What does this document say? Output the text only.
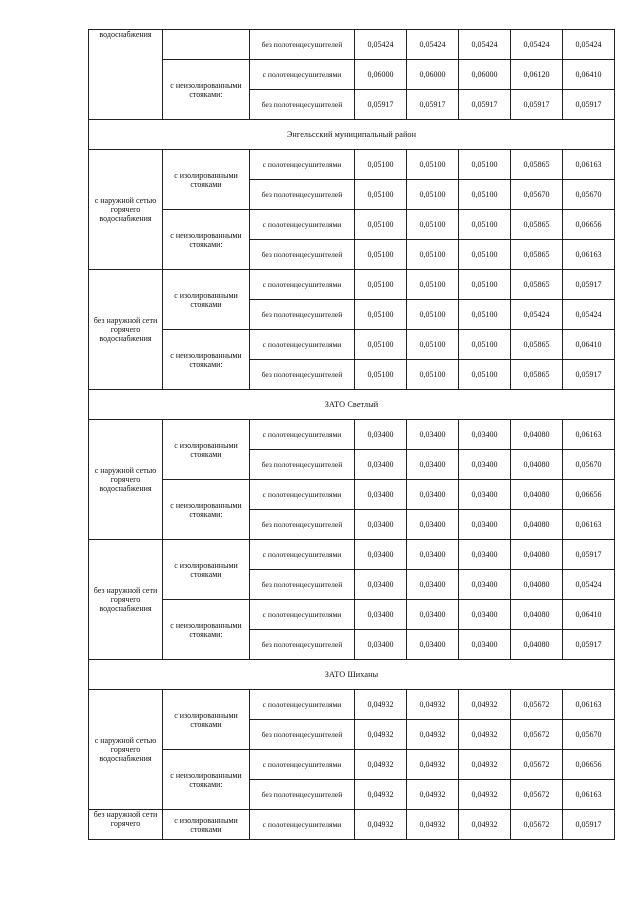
водоснабжения		без полотенцесушителей	0,05424	0,05424	0,05424	0,05424	0,05424
	с неизолированными стояками:	с полотенцесушителями	0,06000	0,06000	0,06000	0,06120	0,06410
		без полотенцесушителей	0,05917	0,05917	0,05917	0,05917	0,05917
Энгельсский муниципальный район							
с наружной сетью горячего водоснабжения	с изолированными стояками	с полотенцесушителями	0,05100	0,05100	0,05100	0,05865	0,06163
		без полотенцесушителей	0,05100	0,05100	0,05100	0,05670	0,05670
	с неизолированными стояками:	с полотенцесушителями	0,05100	0,05100	0,05100	0,05865	0,06656
		без полотенцесушителей	0,05100	0,05100	0,05100	0,05865	0,06163
без наружной сети горячего водоснабжения	с изолированными стояками	с полотенцесушителями	0,05100	0,05100	0,05100	0,05865	0,05917
		без полотенцесушителей	0,05100	0,05100	0,05100	0,05424	0,05424
	с неизолированными стояками:	с полотенцесушителями	0,05100	0,05100	0,05100	0,05865	0,06410
		без полотенцесушителей	0,05100	0,05100	0,05100	0,05865	0,05917
ЗАТО Светлый							
с наружной сетью горячего водоснабжения	с изолированными стояками	с полотенцесушителями	0,03400	0,03400	0,03400	0,04080	0,06163
		без полотенцесушителей	0,03400	0,03400	0,03400	0,04080	0,05670
	с неизолированными стояками:	с полотенцесушителями	0,03400	0,03400	0,03400	0,04080	0,06656
		без полотенцесушителей	0,03400	0,03400	0,03400	0,04080	0,06163
без наружной сети горячего водоснабжения	с изолированными стояками	с полотенцесушителями	0,03400	0,03400	0,03400	0,04080	0,05917
		без полотенцесушителей	0,03400	0,03400	0,03400	0,04080	0,05424
	с неизолированными стояками:	с полотенцесушителями	0,03400	0,03400	0,03400	0,04080	0,06410
		без полотенцесушителей	0,03400	0,03400	0,03400	0,04080	0,05917
ЗАТО Шиханы							
с наружной сетью горячего водоснабжения	с изолированными стояками	с полотенцесушителями	0,04932	0,04932	0,04932	0,05672	0,06163
		без полотенцесушителей	0,04932	0,04932	0,04932	0,05672	0,05670
	с неизолированными стояками:	с полотенцесушителями	0,04932	0,04932	0,04932	0,05672	0,06656
		без полотенцесушителей	0,04932	0,04932	0,04932	0,05672	0,06163
без наружной сети горячего	с изолированными стояками	с полотенцесушителями	0,04932	0,04932	0,04932	0,05672	0,05917
